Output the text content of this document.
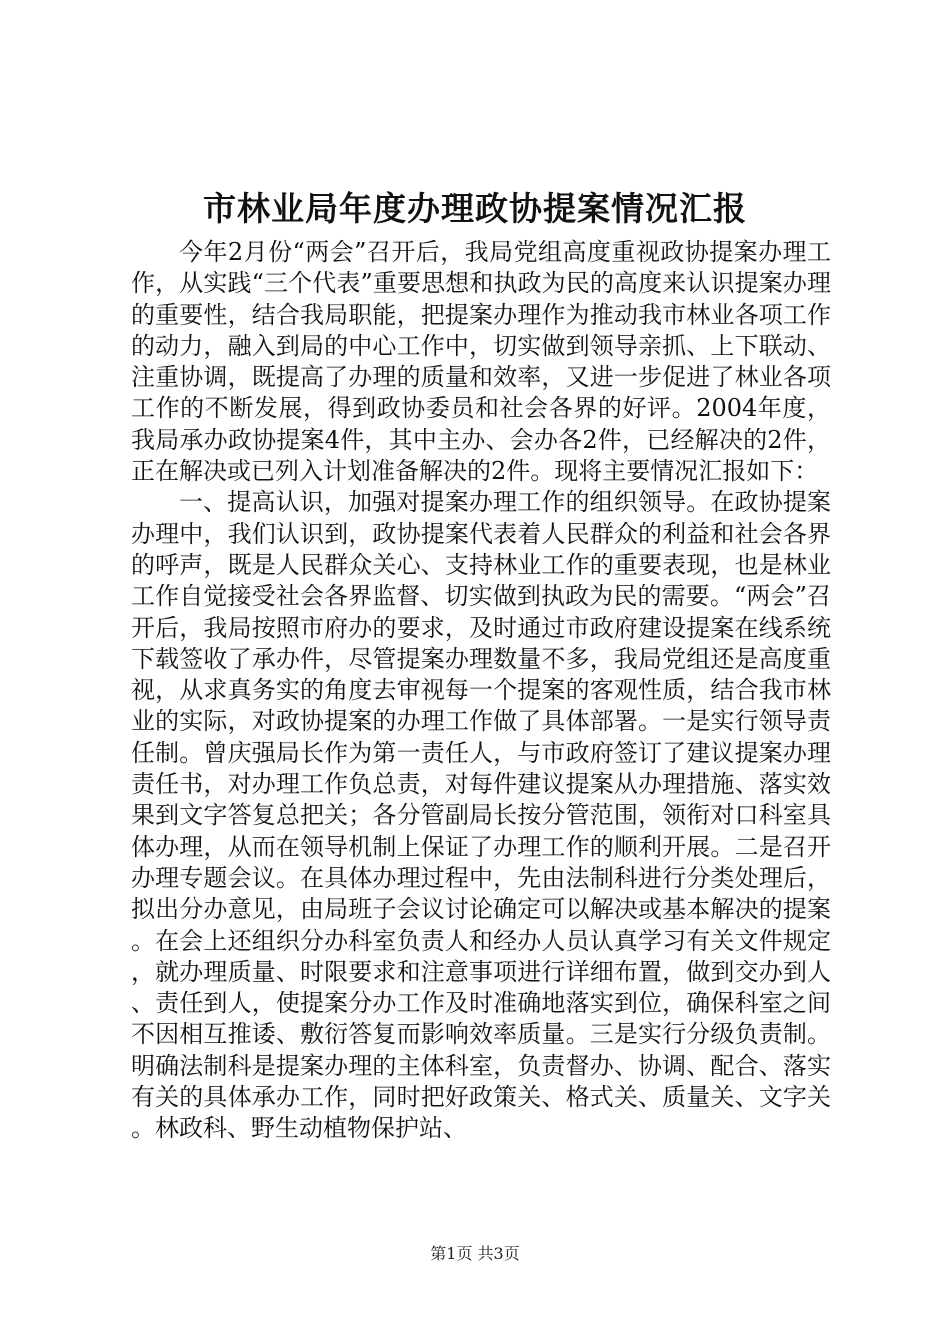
市林业局年度办理政协提案情况汇报

今年2月份“两会”召开后，我局党组高度重视政协提案办理工作，从实践“三个代表”重要思想和执政为民的高度来认识提案办理的重要性，结合我局职能，把提案办理作为推动我市林业各项工作的动力，融入到局的中心工作中，切实做到领导亲抓、上下联动、注重协调，既提高了办理的质量和效率，又进一步促进了林业各项工作的不断发展，得到政协委员和社会各界的好评。2004年度，我局承办政协提案4件，其中主办、会办各2件，已经解决的2件，正在解决或已列入计划准备解决的2件。现将主要情况汇报如下：

一、提高认识，加强对提案办理工作的组织领导。在政协提案办理中，我们认识到，政协提案代表着人民群众的利益和社会各界的呼声，既是人民群众关心、支持林业工作的重要表现，也是林业工作自觉接受社会各界监督、切实做到执政为民的需要。“两会”召开后，我局按照市府办的要求，及时通过市政府建设提案在线系统下载签收了承办件，尽管提案办理数量不多，我局党组还是高度重视，从求真务实的角度去审视每一个提案的客观性质，结合我市林业的实际，对政协提案的办理工作做了具体部署。一是实行领导责任制。曾庆强局长作为第一责任人，与市政府签订了建议提案办理责任书，对办理工作负总责，对每件建议提案从办理措施、落实效果到文字答复总把关；各分管副局长按分管范围，领衔对口科室具体办理，从而在领导机制上保证了办理工作的顺利开展。二是召开办理专题会议。在具体办理过程中，先由法制科进行分类处理后，拟出分办意见，由局班子会议讨论确定可以解决或基本解决的提案。在会上还组织分办科室负责人和经办人员认真学习有关文件规定，就办理质量、时限要求和注意事项进行详细布置，做到交办到人、责任到人，使提案分办工作及时准确地落实到位，确保科室之间不因相互推诿、敷衍答复而影响效率质量。三是实行分级负责制。明确法制科是提案办理的主体科室，负责督办、协调、配合、落实有关的具体承办工作，同时把好政策关、格式关、质量关、文字关。林政科、野生动植物保护站、

第1页 共3页
